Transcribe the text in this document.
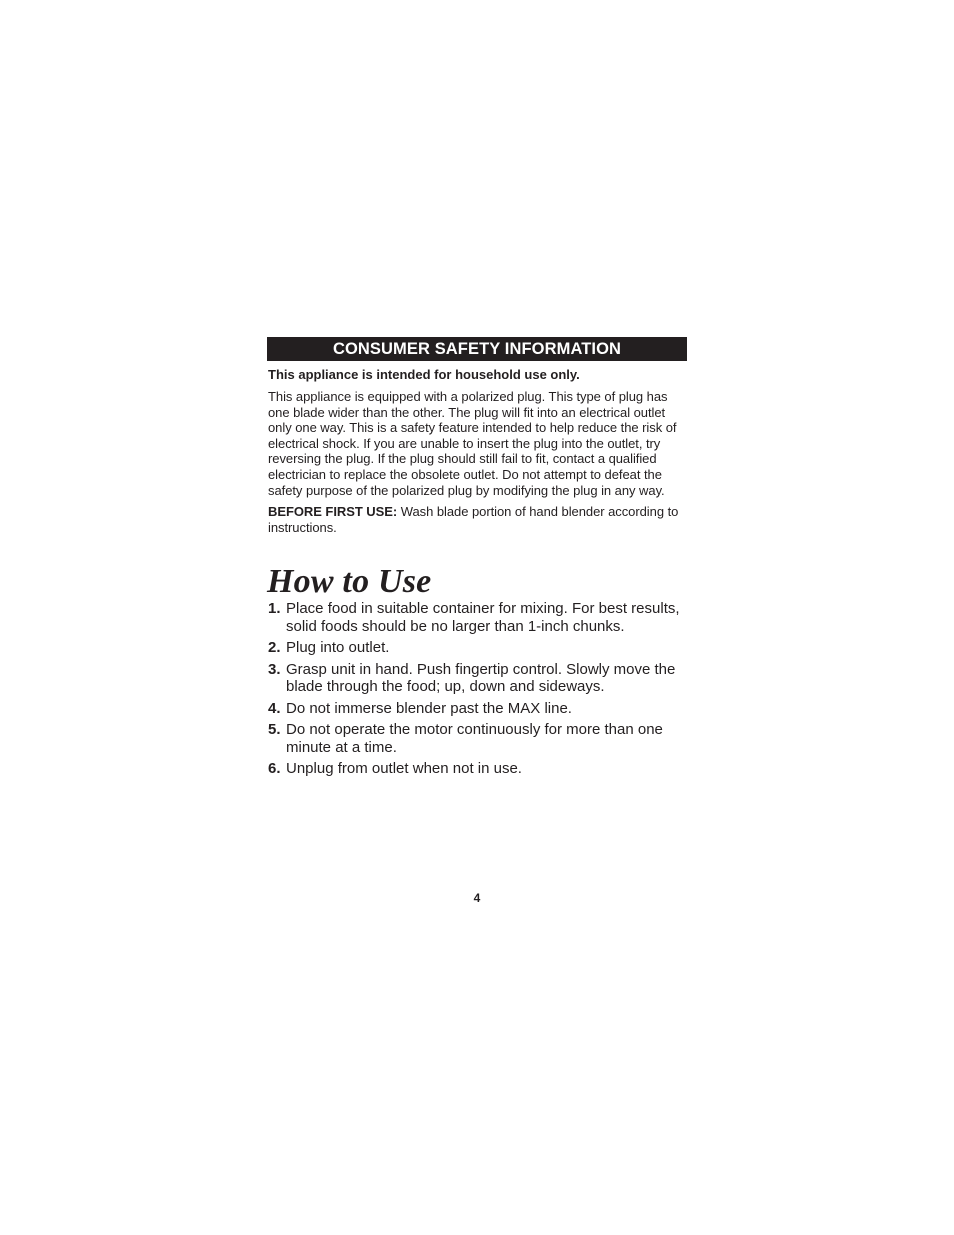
CONSUMER SAFETY INFORMATION

This appliance is intended for household use only.

This appliance is equipped with a polarized plug. This type of plug has one blade wider than the other. The plug will fit into an electrical outlet only one way. This is a safety feature intended to help reduce the risk of electrical shock. If you are unable to insert the plug into the outlet, try reversing the plug. If the plug should still fail to fit, contact a qualified electrician to replace the obsolete outlet. Do not attempt to defeat the safety purpose of the polarized plug by modifying the plug in any way.

BEFORE FIRST USE: Wash blade portion of hand blender according to instructions.

How to Use
1. Place food in suitable container for mixing. For best results, solid foods should be no larger than 1-inch chunks.
2. Plug into outlet.
3. Grasp unit in hand. Push fingertip control. Slowly move the blade through the food; up, down and sideways.
4. Do not immerse blender past the MAX line.
5. Do not operate the motor continuously for more than one minute at a time.
6. Unplug from outlet when not in use.
4
